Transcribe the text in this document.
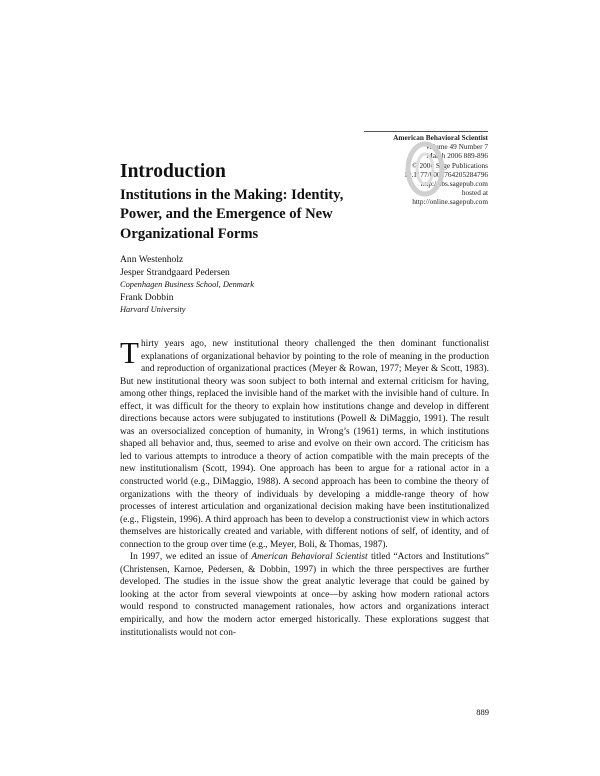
American Behavioral Scientist
Volume 49 Number 7
March 2006 889-896
© 2006 Sage Publications
10.1177/0002764205284796
http://abs.sagepub.com
hosted at
http://online.sagepub.com
Introduction
Institutions in the Making: Identity, Power, and the Emergence of New Organizational Forms
Ann Westenholz
Jesper Strandgaard Pedersen
Copenhagen Business School, Denmark
Frank Dobbin
Harvard University

Thirty years ago, new institutional theory challenged the then dominant functionalist explanations of organizational behavior by pointing to the role of meaning in the production and reproduction of organizational practices (Meyer & Rowan, 1977; Meyer & Scott, 1983). But new institutional theory was soon subject to both internal and external criticism for having, among other things, replaced the invisible hand of the market with the invisible hand of culture. In effect, it was difficult for the theory to explain how institutions change and develop in different directions because actors were subjugated to institutions (Powell & DiMaggio, 1991). The result was an oversocialized conception of humanity, in Wrong’s (1961) terms, in which institutions shaped all behavior and, thus, seemed to arise and evolve on their own accord. The criticism has led to various attempts to introduce a theory of action compatible with the main precepts of the new institutionalism (Scott, 1994). One approach has been to argue for a rational actor in a constructed world (e.g., DiMaggio, 1988). A second approach has been to combine the theory of organizations with the theory of individuals by developing a middle-range theory of how processes of interest articulation and organizational decision making have been institutionalized (e.g., Fligstein, 1996). A third approach has been to develop a constructionist view in which actors themselves are historically created and variable, with different notions of self, of identity, and of connection to the group over time (e.g., Meyer, Boli, & Thomas, 1987).

In 1997, we edited an issue of American Behavioral Scientist titled “Actors and Institutions” (Christensen, Karnoe, Pedersen, & Dobbin, 1997) in which the three perspectives are further developed. The studies in the issue show the great analytic leverage that could be gained by looking at the actor from several viewpoints at once—by asking how modern rational actors would respond to constructed management rationales, how actors and organizations interact empirically, and how the modern actor emerged historically. These explorations suggest that institutionalists would not con-

889
